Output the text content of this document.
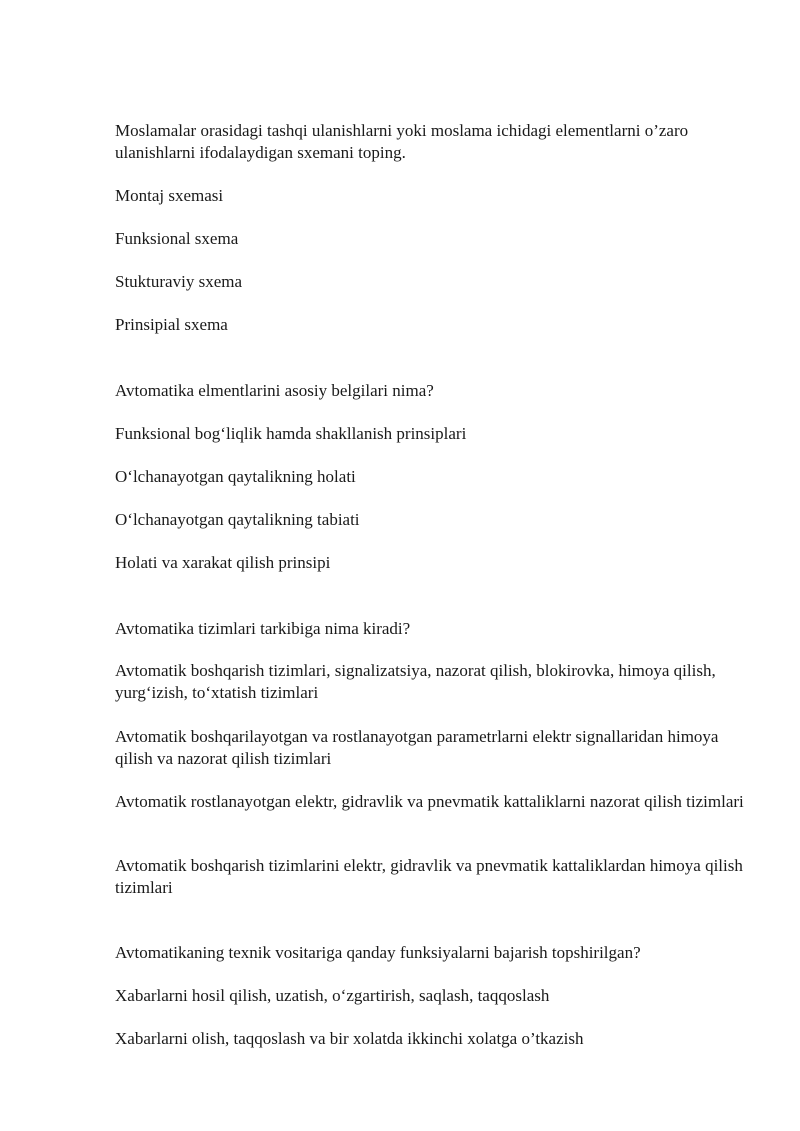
Moslamalar orasidagi tashqi ulanishlarni yoki moslama ichidagi elementlarni o’zaro ulanishlarni ifodalaydigan sxemani toping.

Montaj sxemasi

Funksional sxema

Stukturaviy sxema

Prinsipial sxema

Avtomatika elmentlarini asosiy belgilari nima?

Funksional bog‘liqlik hamda shakllanish prinsiplari

O‘lchanayotgan qaytalikning holati

O‘lchanayotgan qaytalikning tabiati

Holati va xarakat qilish prinsipi

Avtomatika tizimlari tarkibiga nima kiradi?

Avtomatik boshqarish tizimlari, signalizatsiya, nazorat qilish, blokirovka, himoya qilish, yurg‘izish, to‘xtatish tizimlari

Avtomatik boshqarilayotgan va rostlanayotgan parametrlarni elektr signallaridan himoya qilish va nazorat qilish tizimlari

Avtomatik rostlanayotgan elektr, gidravlik va pnevmatik kattaliklarni nazorat qilish tizimlari

Avtomatik boshqarish tizimlarini elektr, gidravlik va pnevmatik kattaliklardan himoya qilish tizimlari

Avtomatikaning texnik vositariga qanday funksiyalarni bajarish topshirilgan?

Xabarlarni hosil qilish, uzatish, o‘zgartirish, saqlash, taqqoslash

Xabarlarni olish, taqqoslash va bir xolatda ikkinchi xolatga o’tkazish
